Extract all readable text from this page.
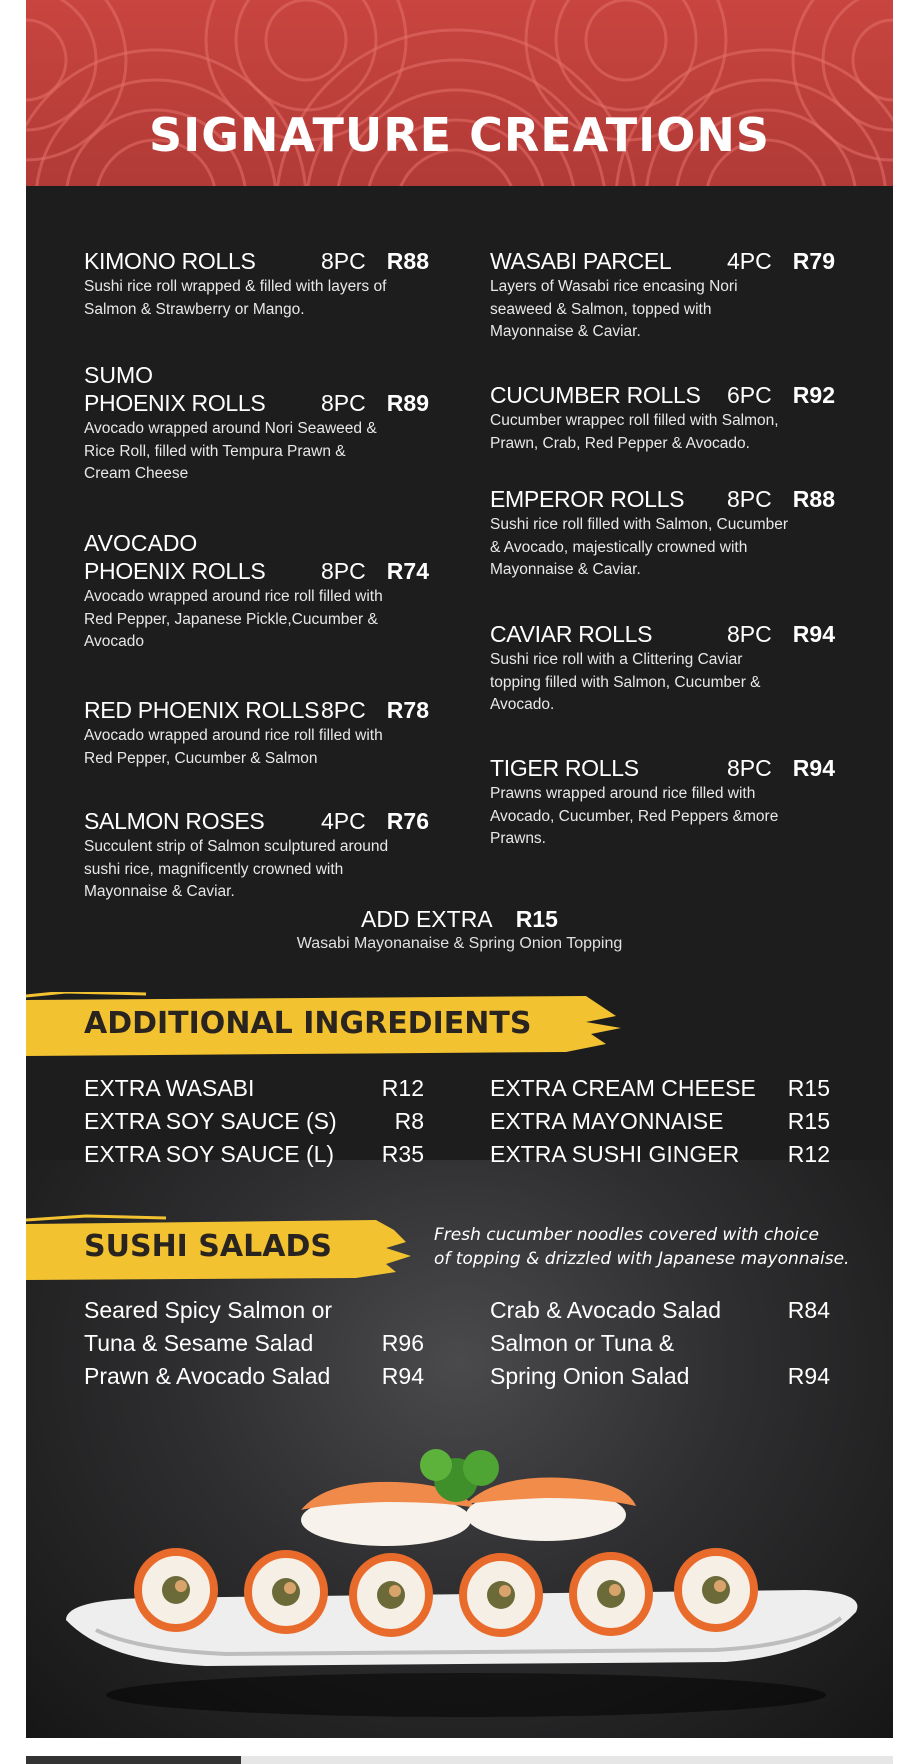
SIGNATURE CREATIONS
KIMONO ROLLS	8PC R88
Sushi rice roll wrapped & filled with layers of
Salmon & Strawberry or Mango.
SUMO
PHOENIX ROLLS 8PC R89
Avocado wrapped around Nori Seaweed &
Rice Roll, filled with Tempura Prawn &
Cream Cheese
AVOCADO
PHOENIX ROLLS 8PC R74
Avocado wrapped around rice roll filled with
Red Pepper, Japanese Pickle,Cucumber &
Avocado
RED PHOENIX ROLLS 8PC R78
Avocado wrapped around rice roll filled with
Red Pepper, Cucumber & Salmon
SALMON ROSES 4PC R76
Succulent strip of Salmon sculptured around
sushi rice, magnificently crowned with
Mayonnaise & Caviar.
WASABI PARCEL 4PC R79
Layers of Wasabi rice encasing Nori
seaweed & Salmon, topped with
Mayonnaise & Caviar.
CUCUMBER ROLLS 6PC R92
Cucumber wrappec roll filled with Salmon,
Prawn, Crab, Red Pepper & Avocado.
EMPEROR ROLLS 8PC R88
Sushi rice roll filled with Salmon, Cucumber
& Avocado, majestically crowned with
Mayonnaise & Caviar.
CAVIAR ROLLS	8PC R94
Sushi rice roll with a Clittering Caviar
topping filled with Salmon, Cucumber &
Avocado.
TIGER ROLLS	8PC R94
Prawns wrapped around rice filled with
Avocado, Cucumber, Red Peppers &more
Prawns.
ADD EXTRA R15
Wasabi Mayonanaise & Spring Onion Topping
ADDITIONAL INGREDIENTS
EXTRA WASABI	R12
EXTRA SOY SAUCE (S)	R8
EXTRA SOY SAUCE (L) R35
EXTRA CREAM CHEESE R15
EXTRA MAYONNAISE	R15
EXTRA SUSHI GINGER R12
SUSHI SALADS	Fresh cucumber noodles covered with choice
of topping & drizzled with Japanese mayonnaise.
Seared Spicy Salmon or
Tuna & Sesame Salad	R96
Prawn & Avocado Salad R94
Crab & Avocado Salad	R84
Salmon or Tuna &
Spring Onion Salad	R94
